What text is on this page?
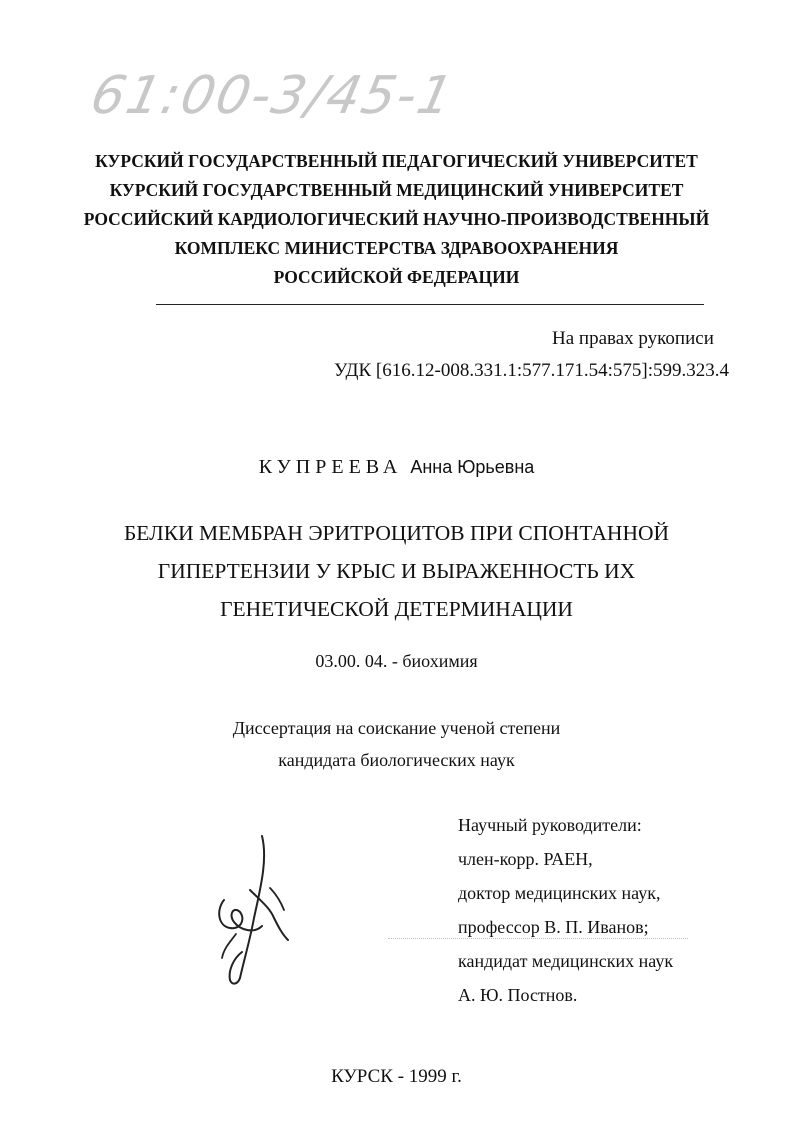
61:00-3/45-1
КУРСКИЙ ГОСУДАРСТВЕННЫЙ ПЕДАГОГИЧЕСКИЙ УНИВЕРСИТЕТ
КУРСКИЙ ГОСУДАРСТВЕННЫЙ МЕДИЦИНСКИЙ УНИВЕРСИТЕТ
РОССИЙСКИЙ КАРДИОЛОГИЧЕСКИЙ НАУЧНО-ПРОИЗВОДСТВЕННЫЙ
КОМПЛЕКС МИНИСТЕРСТВА ЗДРАВООХРАНЕНИЯ
РОССИЙСКОЙ ФЕДЕРАЦИИ
На правах рукописи
УДК [616.12-008.331.1:577.171.54:575]:599.323.4
КУПРЕЕВА Анна Юрьевна
БЕЛКИ МЕМБРАН ЭРИТРОЦИТОВ ПРИ СПОНТАННОЙ
ГИПЕРТЕНЗИИ У КРЫС И ВЫРАЖЕННОСТЬ ИХ
ГЕНЕТИЧЕСКОЙ ДЕТЕРМИНАЦИИ
03.00. 04. - биохимия
Диссертация на соискание ученой степени
кандидата биологических наук
Научный руководители:
член-корр. РАЕН,
доктор медицинских наук,
профессор В. П. Иванов;
кандидат медицинских наук
А. Ю. Постнов.
КУРСК - 1999 г.
